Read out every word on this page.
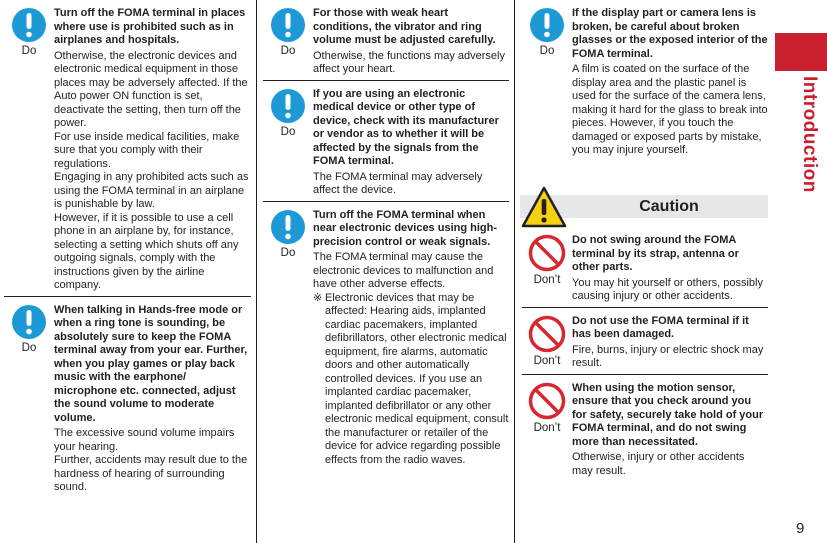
Do
Turn off the FOMA terminal in places where use is prohibited such as in airplanes and hospitals.

Otherwise, the electronic devices and electronic medical equipment in those places may be adversely affected. If the Auto power ON function is set, deactivate the setting, then turn off the power.

For use inside medical facilities, make sure that you comply with their regulations.

Engaging in any prohibited acts such as using the FOMA terminal in an airplane is punishable by law.

However, if it is possible to use a cell phone in an airplane by, for instance, selecting a setting which shuts off any outgoing signals, comply with the instructions given by the airline company.

Do
When talking in Hands-free mode or when a ring tone is sounding, be absolutely sure to keep the FOMA terminal away from your ear. Further, when you play games or play back music with the earphone/ microphone etc. connected, adjust the sound volume to moderate volume.

The excessive sound volume impairs your hearing.

Further, accidents may result due to the hardness of hearing of surrounding sound.

Do
For those with weak heart conditions, the vibrator and ring volume must be adjusted carefully.

Otherwise, the functions may adversely affect your heart.

Do
If you are using an electronic medical device or other type of device, check with its manufacturer or vendor as to whether it will be affected by the signals from the FOMA terminal.

The FOMA terminal may adversely affect the device.

Do
Turn off the FOMA terminal when near electronic devices using high-precision control or weak signals.

The FOMA terminal may cause the electronic devices to malfunction and have other adverse effects.

※ Electronic devices that may be affected: Hearing aids, implanted cardiac pacemakers, implanted defibrillators, other electronic medical equipment, fire alarms, automatic doors and other automatically controlled devices. If you use an implanted cardiac pacemaker, implanted defibrillator or any other electronic medical equipment, consult the manufacturer or retailer of the device for advice regarding possible effects from the radio waves.
Do
If the display part or camera lens is broken, be careful about broken glasses or the exposed interior of the FOMA terminal.

A film is coated on the surface of the display area and the plastic panel is used for the surface of the camera lens, making it hard for the glass to break into pieces. However, if you touch the damaged or exposed parts by mistake, you may injure yourself.

Caution
Don’t
Do not swing around the FOMA terminal by its strap, antenna or other parts.

You may hit yourself or others, possibly causing injury or other accidents.

Don’t
Do not use the FOMA terminal if it has been damaged.

Fire, burns, injury or electric shock may result.

Don’t
When using the motion sensor, ensure that you check around you for safety, securely take hold of your FOMA terminal, and do not swing more than necessitated.

Otherwise, injury or other accidents may result.

Introduction
9
